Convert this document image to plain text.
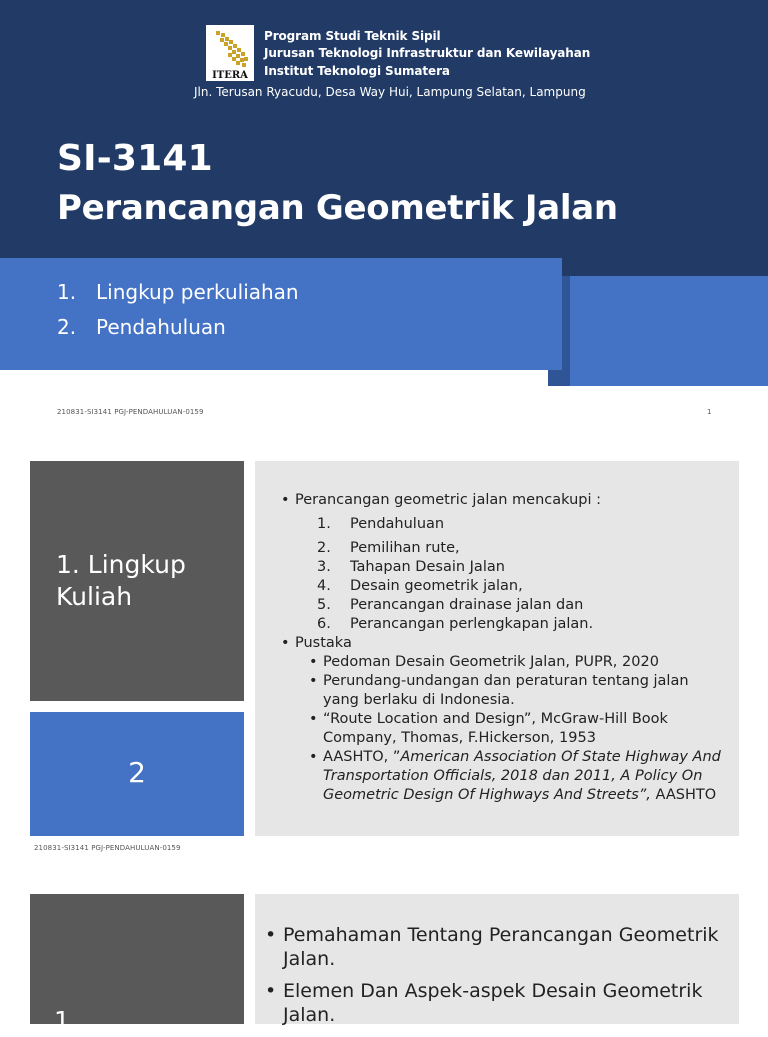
ITERA
Program Studi Teknik Sipil
Jurusan Teknologi Infrastruktur dan Kewilayahan
Institut Teknologi Sumatera
Jln. Terusan Ryacudu, Desa Way Hui, Lampung Selatan, Lampung
SI-3141
Perancangan Geometrik Jalan
1. Lingkup perkuliahan
2. Pendahuluan
210831-SI3141 PGJ-PENDAHULUAN-0159	1
1. Lingkup
Kuliah
2
• Perancangan geometric jalan mencakupi :
1. Pendahuluan
2. Pemilihan rute,
3. Tahapan Desain Jalan
4. Desain geometrik jalan,
5. Perancangan drainase jalan dan
6. Perancangan perlengkapan jalan.
• Pustaka
• Pedoman Desain Geometrik Jalan, PUPR, 2020
• Perundang-undangan dan peraturan tentang jalan
yang berlaku di Indonesia.
• “Route Location and Design”, McGraw-Hill Book
Company, Thomas, F.Hickerson, 1953
• AASHTO, ”American Association Of State Highway And
Transportation Officials, 2018 dan 2011, A Policy On
Geometric Design Of Highways And Streets”, AASHTO
210831-SI3141 PGJ-PENDAHULUAN-0159
1.
• Pemahaman Tentang Perancangan Geometrik
Jalan.
• Elemen Dan Aspek-aspek Desain Geometrik
Jalan.
